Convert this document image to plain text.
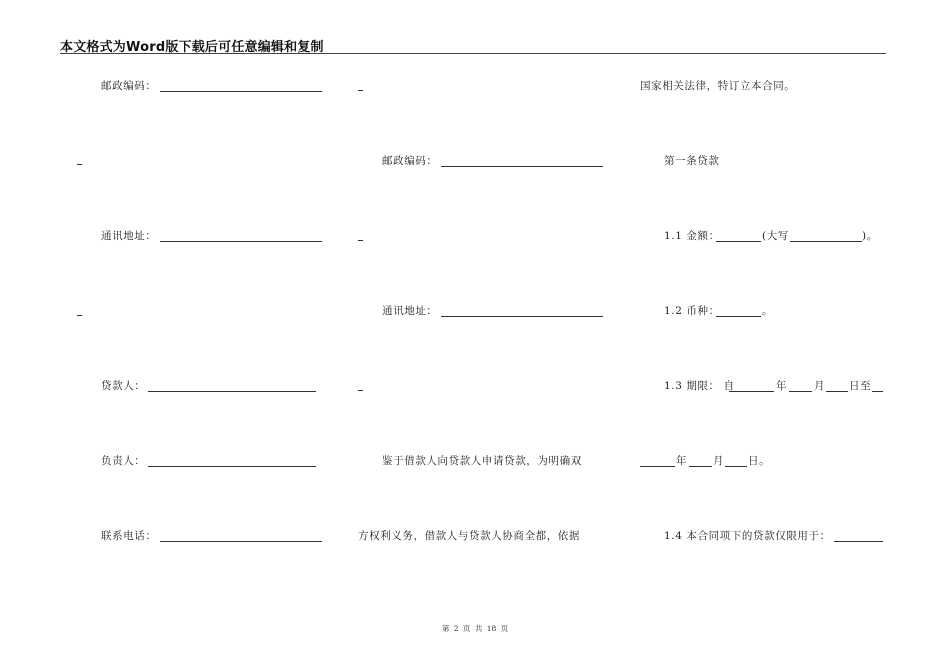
本文格式为Word版下载后可任意编辑和复制
邮政编码：
通讯地址：
贷款人：
负责人：
联系电话：
邮政编码：
通讯地址：
鉴于借款人向贷款人申请贷款，为明确双
方权利义务，借款人与贷款人协商全都，依据
国家相关法律，特订立本合同。
第一条贷款
1.1 金额：	(大写	)。
1.2 币种：	。
1.3 期限： 自	年	月 日至
年 月 日。
1.4 本合同项下的贷款仅限用于：
第 2 页 共 18 页
